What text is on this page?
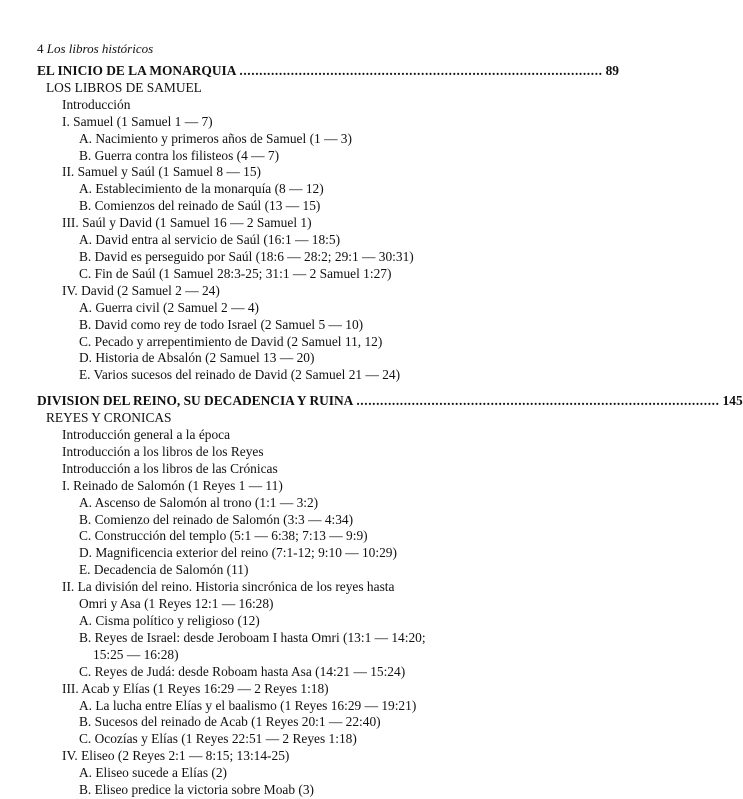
4 Los libros históricos
EL INICIO DE LA MONARQUIA ............................................................................................ 89
LOS LIBROS DE SAMUEL
Introducción
I. Samuel (1 Samuel 1 — 7)
A. Nacimiento y primeros años de Samuel (1 — 3)
B. Guerra contra los filisteos (4 — 7)
II. Samuel y Saúl (1 Samuel 8 — 15)
A. Establecimiento de la monarquía (8 — 12)
B. Comienzos del reinado de Saúl (13 — 15)
III. Saúl y David (1 Samuel 16 — 2 Samuel 1)
A. David entra al servicio de Saúl (16:1 — 18:5)
B. David es perseguido por Saúl (18:6 — 28:2; 29:1 — 30:31)
C. Fin de Saúl (1 Samuel 28:3-25; 31:1 — 2 Samuel 1:27)
IV. David (2 Samuel 2 — 24)
A. Guerra civil (2 Samuel 2 — 4)
B. David como rey de todo Israel (2 Samuel 5 — 10)
C. Pecado y arrepentimiento de David (2 Samuel 11, 12)
D. Historia de Absalón (2 Samuel 13 — 20)
E. Varios sucesos del reinado de David (2 Samuel 21 — 24)
DIVISION DEL REINO, SU DECADENCIA Y RUINA ............................................................................................ 145
REYES Y CRONICAS
Introducción general a la época
Introducción a los libros de los Reyes
Introducción a los libros de las Crónicas
I. Reinado de Salomón (1 Reyes 1 — 11)
A. Ascenso de Salomón al trono (1:1 — 3:2)
B. Comienzo del reinado de Salomón (3:3 — 4:34)
C. Construcción del templo (5:1 — 6:38; 7:13 — 9:9)
D. Magnificencia exterior del reino (7:1-12; 9:10 — 10:29)
E. Decadencia de Salomón (11)
II. La división del reino. Historia sincrónica de los reyes hasta
Omri y Asa (1 Reyes 12:1 — 16:28)
A. Cisma político y religioso (12)
B. Reyes de Israel: desde Jeroboam I hasta Omri (13:1 — 14:20;
15:25 — 16:28)
C. Reyes de Judá: desde Roboam hasta Asa (14:21 — 15:24)
III. Acab y Elías (1 Reyes 16:29 — 2 Reyes 1:18)
A. La lucha entre Elías y el baalismo (1 Reyes 16:29 — 19:21)
B. Sucesos del reinado de Acab (1 Reyes 20:1 — 22:40)
C. Ocozías y Elías (1 Reyes 22:51 — 2 Reyes 1:18)
IV. Eliseo (2 Reyes 2:1 — 8:15; 13:14-25)
A. Eliseo sucede a Elías (2)
B. Eliseo predice la victoria sobre Moab (3)
